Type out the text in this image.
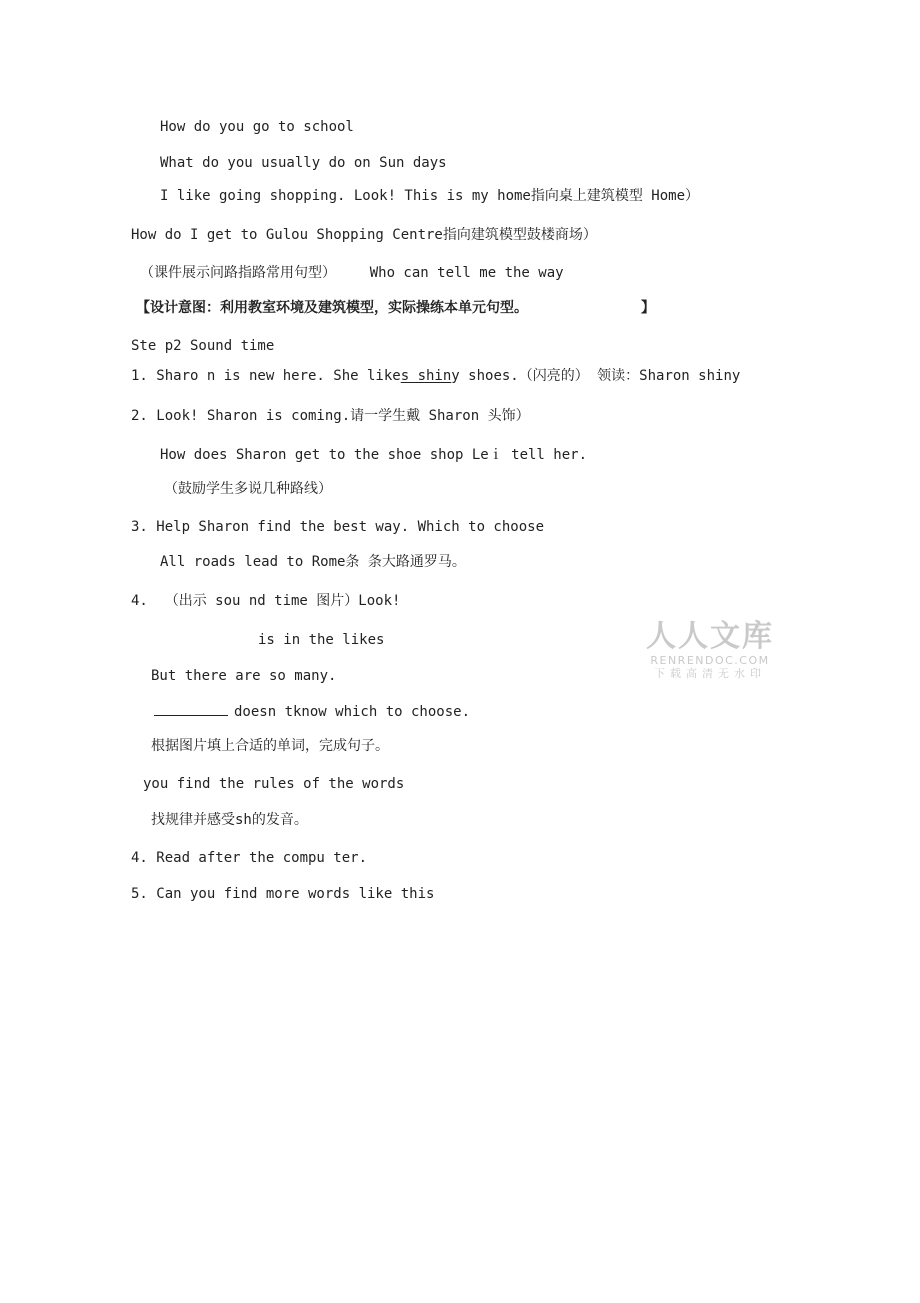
How do you go to school
What do you usually do on Sun days
I like going shopping. Look! This is my home指向桌上建筑模型 Home）
How do I get to Gulou Shopping Centre指向建筑模型鼓楼商场）
（课件展示问路指路常用句型）    Who can tell me the way
【设计意图：利用教室环境及建筑模型，实际操练本单元句型。	】
Ste p2 Sound time
1. Sharo n is new here. She likes shiny shoes.（闪亮的） 领读：Sharon shiny
2. Look! Sharon is coming.请一学生戴 Sharon 头饰）
How does Sharon get to the shoe shop Leｉ tell her.
（鼓励学生多说几种路线）
3. Help Sharon find the best way. Which to choose
All roads lead to Rome条 条大路通罗马。
4.  （出示 sou nd time 图片）Look!
is in the likes
But there are so many.
doesn tknow which to choose.
根据图片填上合适的单词，完成句子。
you find the rules of the words
找规律并感受sh的发音。
4. Read after the compu ter.
5. Can you find more words like this
人人文库
RENRENDOC.COM
下载高清无水印
